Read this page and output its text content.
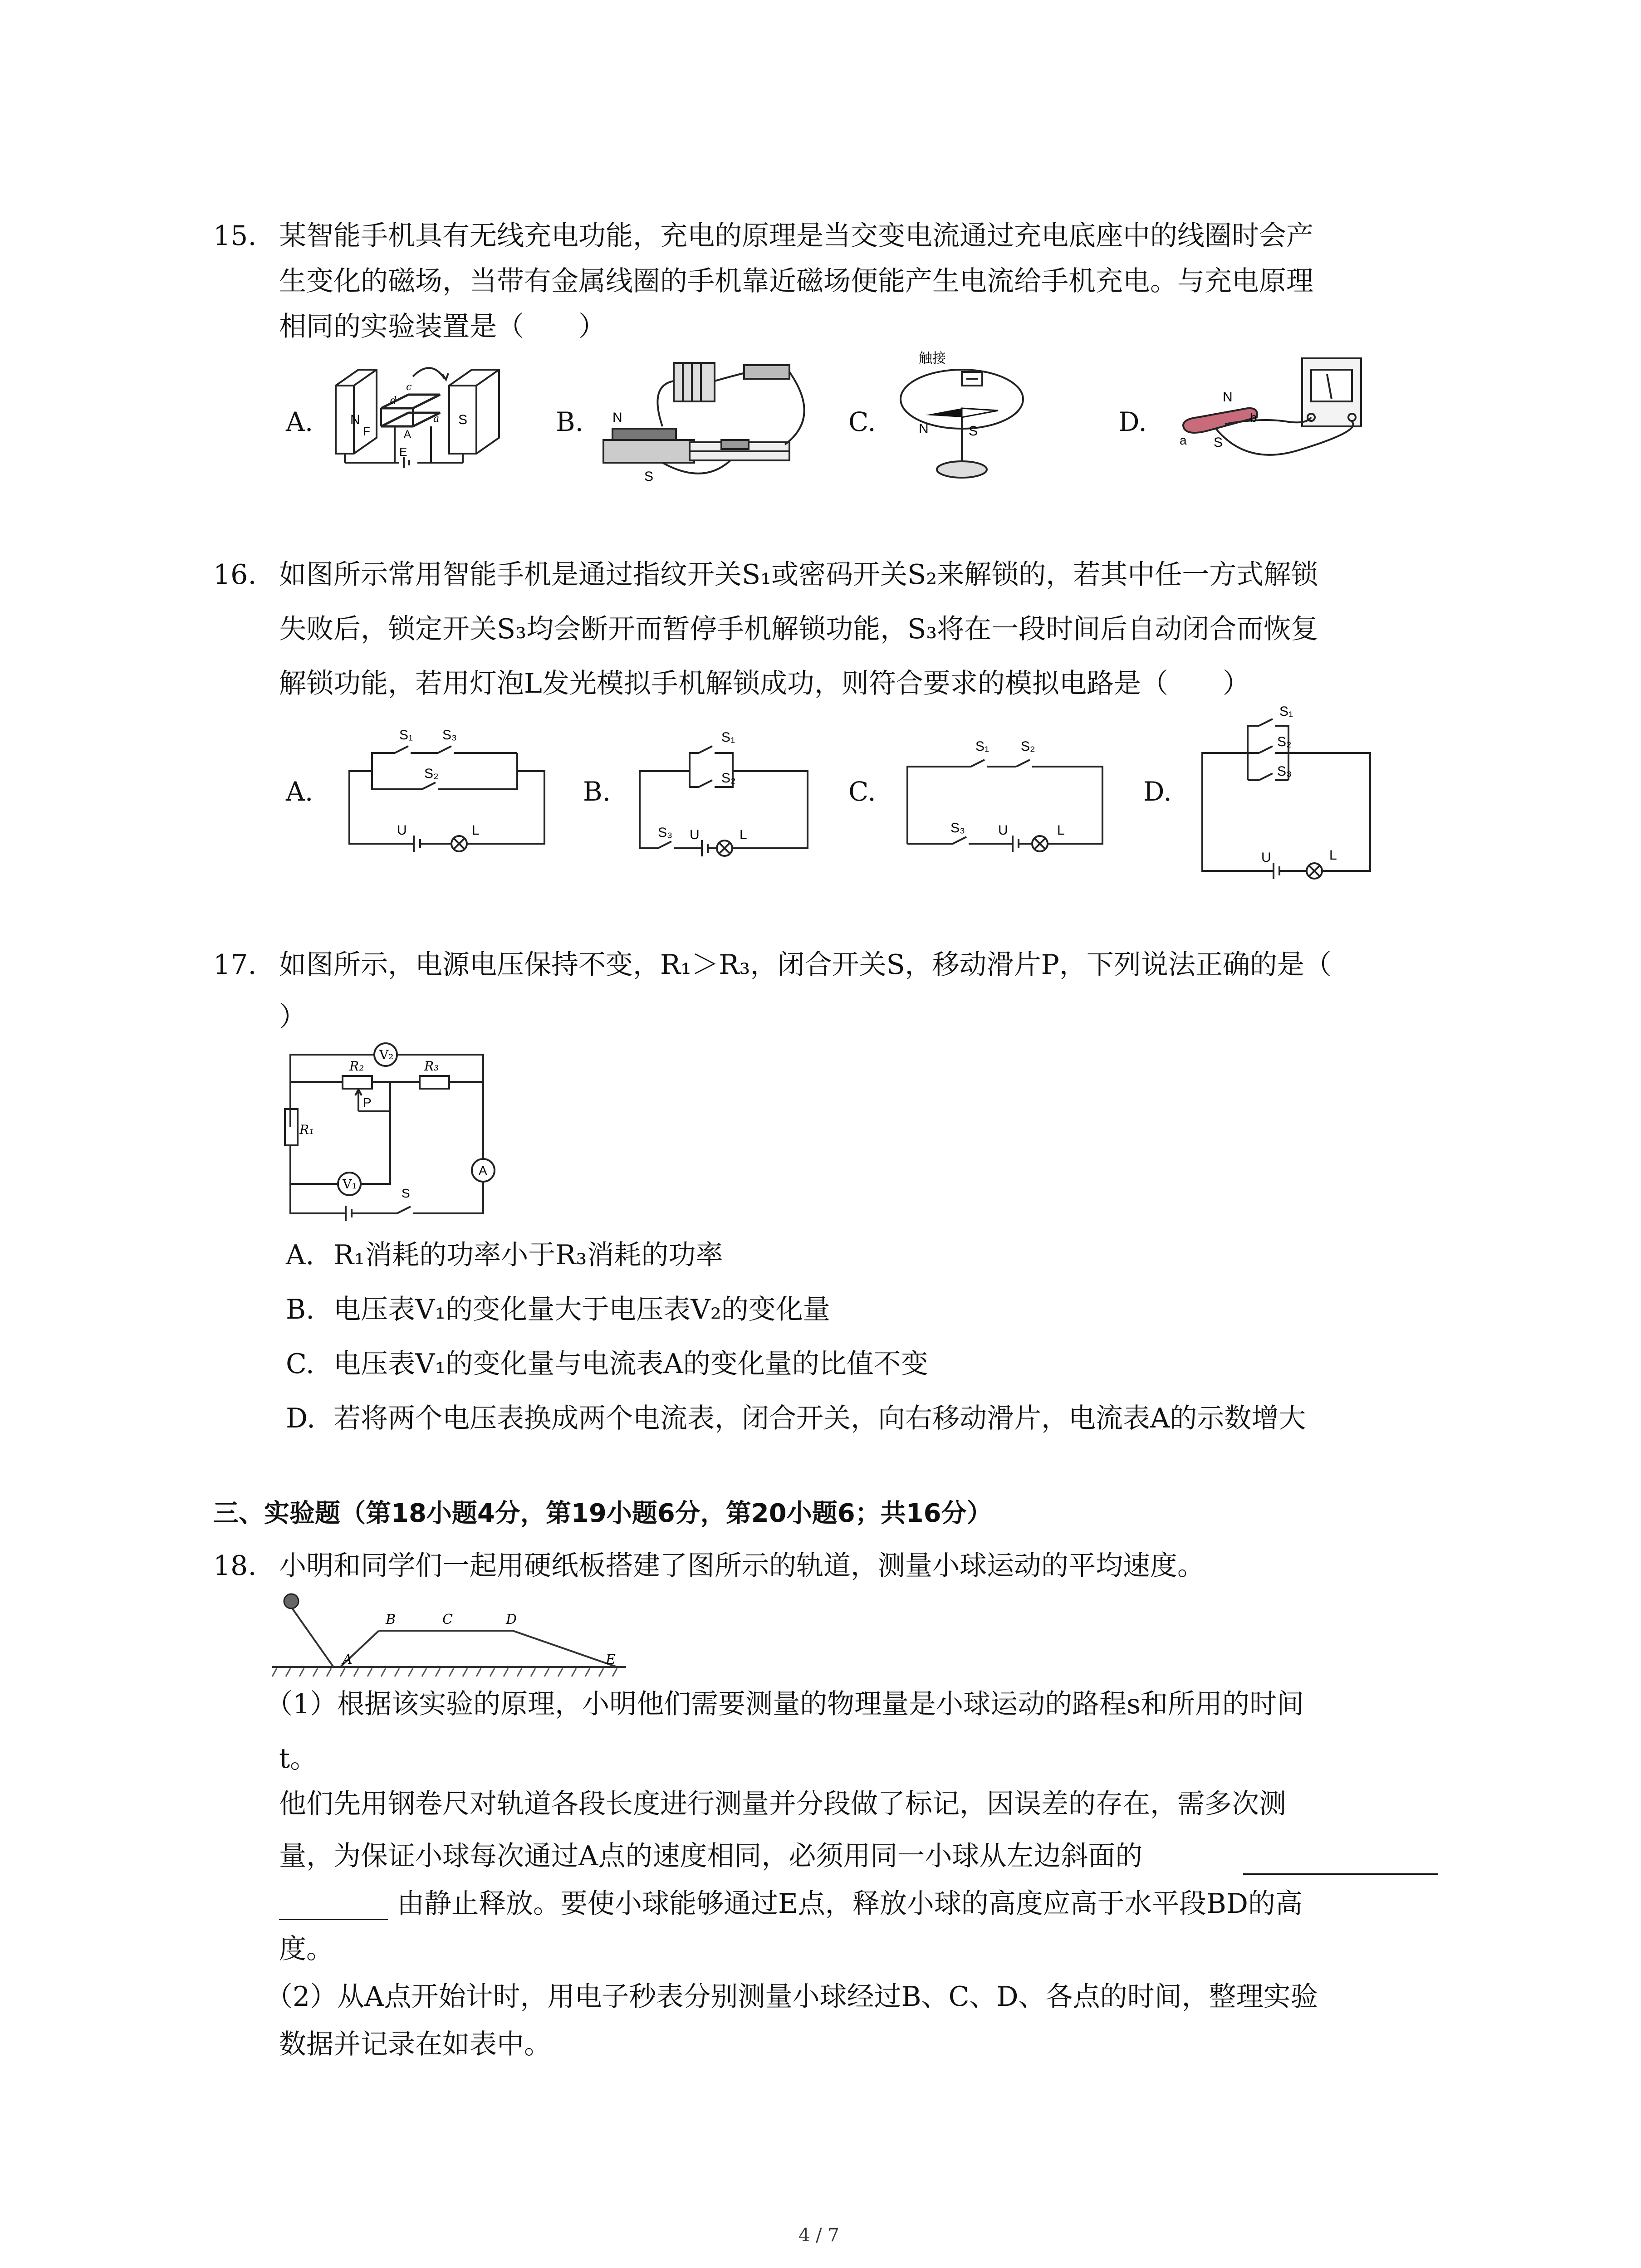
15. 某智能手机具有无线充电功能，充电的原理是当交变电流通过充电底座中的线圈时会产
生变化的磁场，当带有金属线圈的手机靠近磁场便能产生电流给手机充电。与充电原理
相同的实验装置是（　　）
A.	B.	C.	D.
N	S
F
E
c
d
A
a	N
S
触接
N	S
N
b
a S
16. 如图所示常用智能手机是通过指纹开关S₁或密码开关S₂来解锁的，若其中任一方式解锁
失败后，锁定开关S₃均会断开而暂停手机解锁功能，S₃将在一段时间后自动闭合而恢复
解锁功能，若用灯泡L发光模拟手机解锁成功，则符合要求的模拟电路是（　　）
A.	B.	C.	D.
S₁ S₃
S₂
U	L
S₁
S₂
S₃ U	L
S₁ S₂
S₃ U	L
S₁
S₂
S₃
U	L
17. 如图所示，电源电压保持不变，R₁＞R₃，闭合开关S，移动滑片P，下列说法正确的是（
）
V₂
R₂	R₃
R₁
P
V₁
A
S
A. R₁消耗的功率小于R₃消耗的功率
B. 电压表V₁的变化量大于电压表V₂的变化量
C. 电压表V₁的变化量与电流表A的变化量的比值不变
D. 若将两个电压表换成两个电流表，闭合开关，向右移动滑片，电流表A的示数增大
三、实验题（第18小题4分，第19小题6分，第20小题6；共16分）
18. 小明和同学们一起用硬纸板搭建了图所示的轨道，测量小球运动的平均速度。
A
B	C	D
E
（1）根据该实验的原理，小明他们需要测量的物理量是小球运动的路程s和所用的时间
t。
他们先用钢卷尺对轨道各段长度进行测量并分段做了标记，因误差的存在，需多次测
量，为保证小球每次通过A点的速度相同，必须用同一小球从左边斜面的
由静止释放。要使小球能够通过E点，释放小球的高度应高于水平段BD的高
度。
（2）从A点开始计时，用电子秒表分别测量小球经过B、C、D、各点的时间，整理实验
数据并记录在如表中。
4 / 7
